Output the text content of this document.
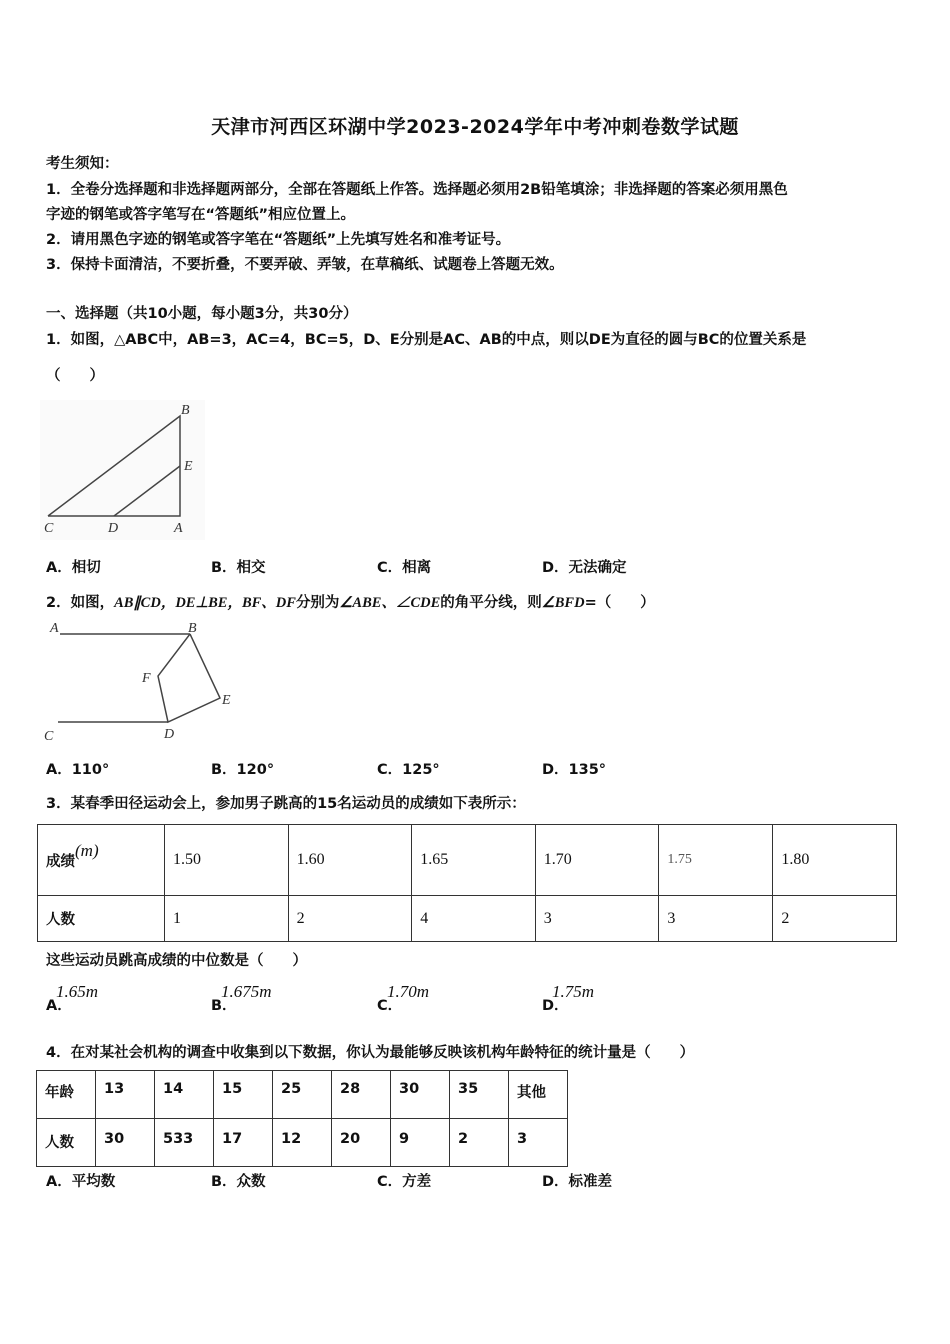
天津市河西区环湖中学2023-2024学年中考冲刺卷数学试题
考生须知：
1．全卷分选择题和非选择题两部分，全部在答题纸上作答。选择题必须用2B铅笔填涂；非选择题的答案必须用黑色
字迹的钢笔或答字笔写在“答题纸”相应位置上。
2．请用黑色字迹的钢笔或答字笔在“答题纸”上先填写姓名和准考证号。
3．保持卡面清洁，不要折叠，不要弄破、弄皱，在草稿纸、试题卷上答题无效。
一、选择题（共10小题，每小题3分，共30分）
1．如图，△ABC中，AB=3，AC=4，BC=5，D、E分别是AC、AB的中点，则以DE为直径的圆与BC的位置关系是
（　　）
B
E
C	D	A
A．相切	B．相交	C．相离	D．无法确定
2．如图，AB∥CD，DE⊥BE，BF、DF分别为∠ABE、∠CDE的角平分线，则∠BFD=（　　）
A	B
F
E
C	D
A．110°	B．120°	C．125°	D．135°
3．某春季田径运动会上，参加男子跳高的15名运动员的成绩如下表所示：
成绩(m)	1.50	1.60	1.65	1.70	1.75	1.80
人数	1	2	4	3	3	2
这些运动员跳高成绩的中位数是（　　）
A．
1.65m
B．
1.675m
C．
1.70m
D．
1.75m
4．在对某社会机构的调查中收集到以下数据，你认为最能够反映该机构年龄特征的统计量是（　　）
年龄	13	14	15	25	28	30	35	其他
人数	30	533	17	12	20	9	2	3
A．平均数	B．众数	C．方差	D．标准差
